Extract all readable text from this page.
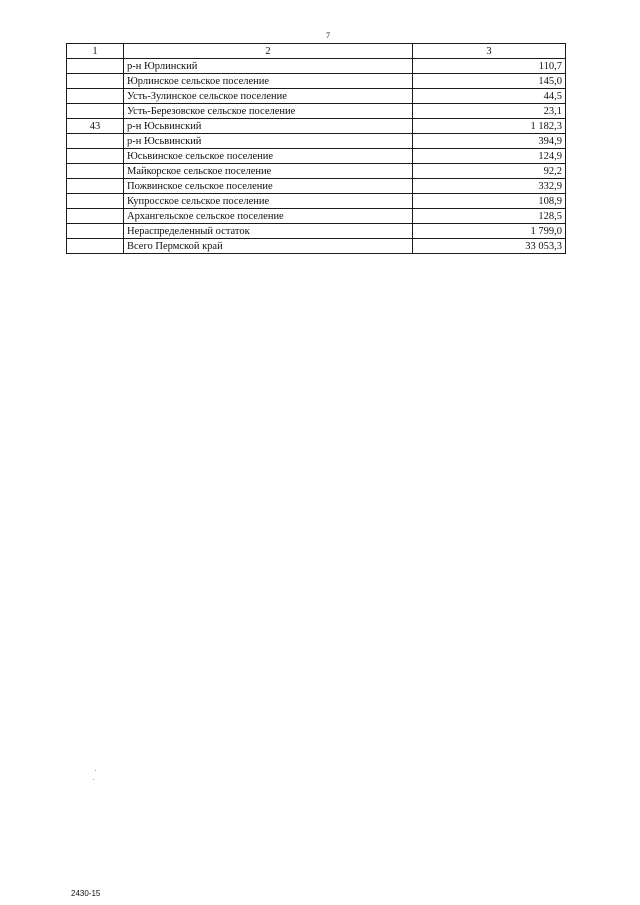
7
1	2	3
	р-н Юрлинский	110,7
	Юрлинское сельское поселение	145,0
	Усть-Зулинское сельское поселение	44,5
	Усть-Березовское сельское поселение	23,1
43	р-н Юсьвинский	1 182,3
	р-н Юсьвинский	394,9
	Юсьвинское сельское поселение	124,9
	Майкорское сельское поселение	92,2
	Пожвинское сельское поселение	332,9
	Купросское сельское поселение	108,9
	Архангельское сельское поселение	128,5
	Нераспределенный остаток	1 799,0
	Всего Пермской край	33 053,3
2430-15
